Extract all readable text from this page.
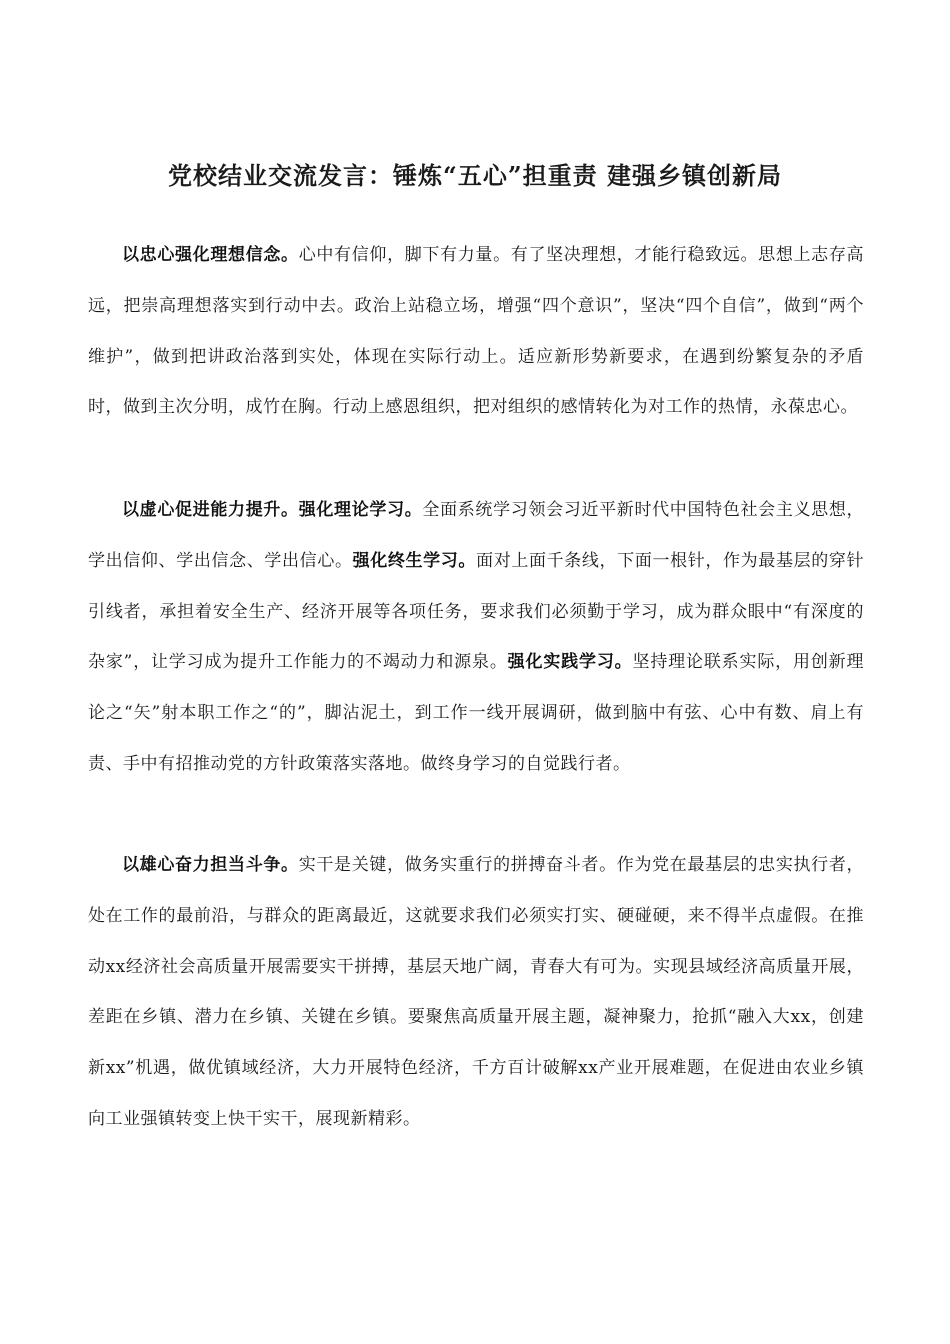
党校结业交流发言：锤炼“五心”担重责 建强乡镇创新局

以忠心强化理想信念。心中有信仰，脚下有力量。有了坚决理想，才能行稳致远。思想上志存高远，把崇高理想落实到行动中去。政治上站稳立场，增强“四个意识”，坚决“四个自信”，做到“两个维护”，做到把讲政治落到实处，体现在实际行动上。适应新形势新要求，在遇到纷繁复杂的矛盾时，做到主次分明，成竹在胸。行动上感恩组织，把对组织的感情转化为对工作的热情，永葆忠心。

以虚心促进能力提升。强化理论学习。全面系统学习领会习近平新时代中国特色社会主义思想，学出信仰、学出信念、学出信心。强化终生学习。面对上面千条线，下面一根针，作为最基层的穿针引线者，承担着安全生产、经济开展等各项任务，要求我们必须勤于学习，成为群众眼中“有深度的杂家”，让学习成为提升工作能力的不竭动力和源泉。强化实践学习。坚持理论联系实际，用创新理论之“矢”射本职工作之“的”，脚沾泥土，到工作一线开展调研，做到脑中有弦、心中有数、肩上有责、手中有招推动党的方针政策落实落地。做终身学习的自觉践行者。

以雄心奋力担当斗争。实干是关键，做务实重行的拼搏奋斗者。作为党在最基层的忠实执行者，处在工作的最前沿，与群众的距离最近，这就要求我们必须实打实、硬碰硬，来不得半点虚假。在推动xx经济社会高质量开展需要实干拼搏，基层天地广阔，青春大有可为。实现县域经济高质量开展，差距在乡镇、潜力在乡镇、关键在乡镇。要聚焦高质量开展主题，凝神聚力，抢抓“融入大xx，创建新xx”机遇，做优镇域经济，大力开展特色经济，千方百计破解xx产业开展难题，在促进由农业乡镇向工业强镇转变上快干实干，展现新精彩。
